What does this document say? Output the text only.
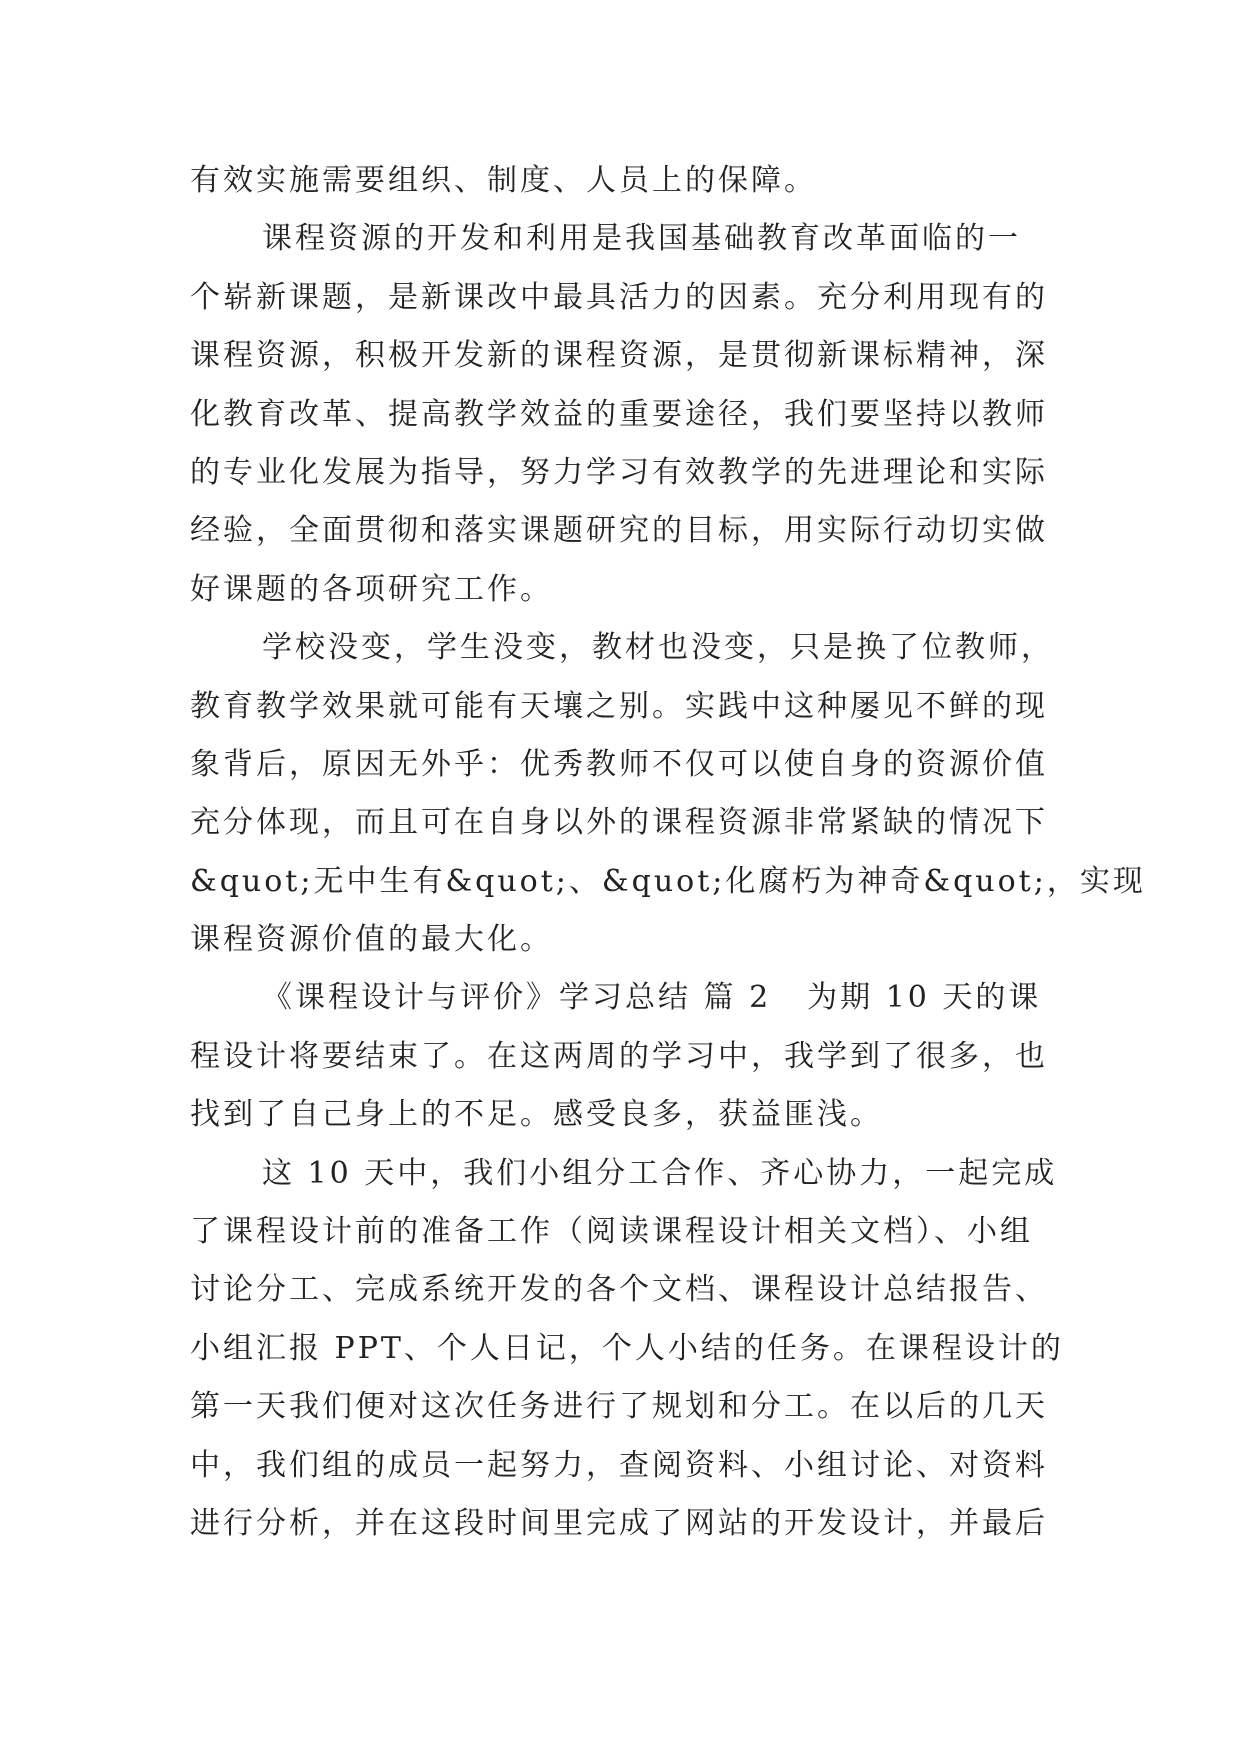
有效实施需要组织、制度、人员上的保障。
课程资源的开发和利用是我国基础教育改革面临的一
个崭新课题，是新课改中最具活力的因素。充分利用现有的
课程资源，积极开发新的课程资源，是贯彻新课标精神，深
化教育改革、提高教学效益的重要途径，我们要坚持以教师
的专业化发展为指导，努力学习有效教学的先进理论和实际
经验，全面贯彻和落实课题研究的目标，用实际行动切实做
好课题的各项研究工作。
学校没变，学生没变，教材也没变，只是换了位教师，
教育教学效果就可能有天壤之别。实践中这种屡见不鲜的现
象背后，原因无外乎：优秀教师不仅可以使自身的资源价值
充分体现，而且可在自身以外的课程资源非常紧缺的情况下
&quot;无中生有&quot;、&quot;化腐朽为神奇&quot;，实现
课程资源价值的最大化。
《课程设计与评价》学习总结 篇 2 为期 10 天的课
程设计将要结束了。在这两周的学习中，我学到了很多，也
找到了自己身上的不足。感受良多，获益匪浅。
这 10 天中，我们小组分工合作、齐心协力，一起完成
了课程设计前的准备工作（阅读课程设计相关文档）、小组
讨论分工、完成系统开发的各个文档、课程设计总结报告、
小组汇报 PPT、个人日记，个人小结的任务。在课程设计的
第一天我们便对这次任务进行了规划和分工。在以后的几天
中，我们组的成员一起努力，查阅资料、小组讨论、对资料
进行分析，并在这段时间里完成了网站的开发设计，并最后
